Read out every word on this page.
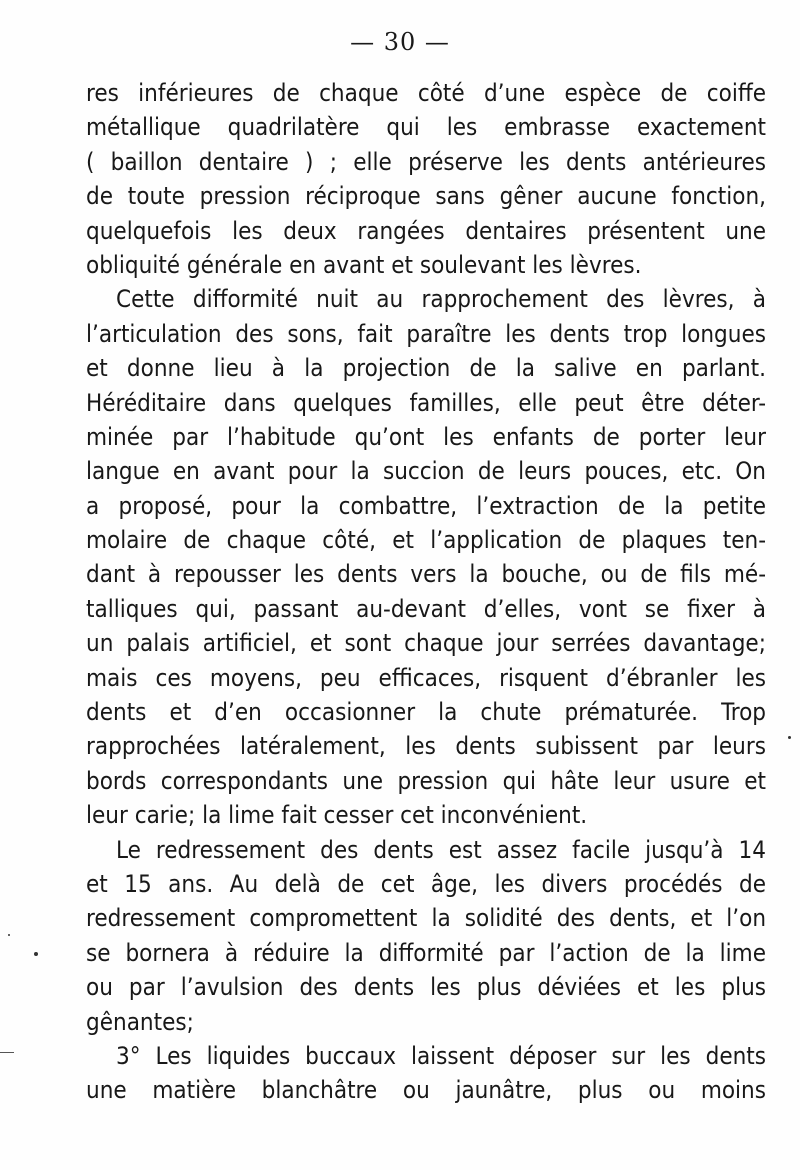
— 30 —
res inférieures de chaque côté d’une espèce de coiffe
métallique quadrilatère qui les embrasse exactement
( baillon dentaire ) ; elle préserve les dents antérieures
de toute pression réciproque sans gêner aucune fonction,
quelquefois les deux rangées dentaires présentent une
obliquité générale en avant et soulevant les lèvres.
Cette difformité nuit au rapprochement des lèvres, à
l’articulation des sons, fait paraître les dents trop longues
et donne lieu à la projection de la salive en parlant.
Héréditaire dans quelques familles, elle peut être déter-
minée par l’habitude qu’ont les enfants de porter leur
langue en avant pour la succion de leurs pouces, etc. On
a proposé, pour la combattre, l’extraction de la petite
molaire de chaque côté, et l’application de plaques ten-
dant à repousser les dents vers la bouche, ou de fils mé-
talliques qui, passant au-devant d’elles, vont se fixer à
un palais artificiel, et sont chaque jour serrées davantage;
mais ces moyens, peu efficaces, risquent d’ébranler les
dents et d’en occasionner la chute prématurée. Trop
rapprochées latéralement, les dents subissent par leurs
bords correspondants une pression qui hâte leur usure et
leur carie; la lime fait cesser cet inconvénient.
Le redressement des dents est assez facile jusqu’à 14
et 15 ans. Au delà de cet âge, les divers procédés de
redressement compromettent la solidité des dents, et l’on
se bornera à réduire la difformité par l’action de la lime
ou par l’avulsion des dents les plus déviées et les plus
gênantes;
3° Les liquides buccaux laissent déposer sur les dents
une matière blanchâtre ou jaunâtre, plus ou moins
